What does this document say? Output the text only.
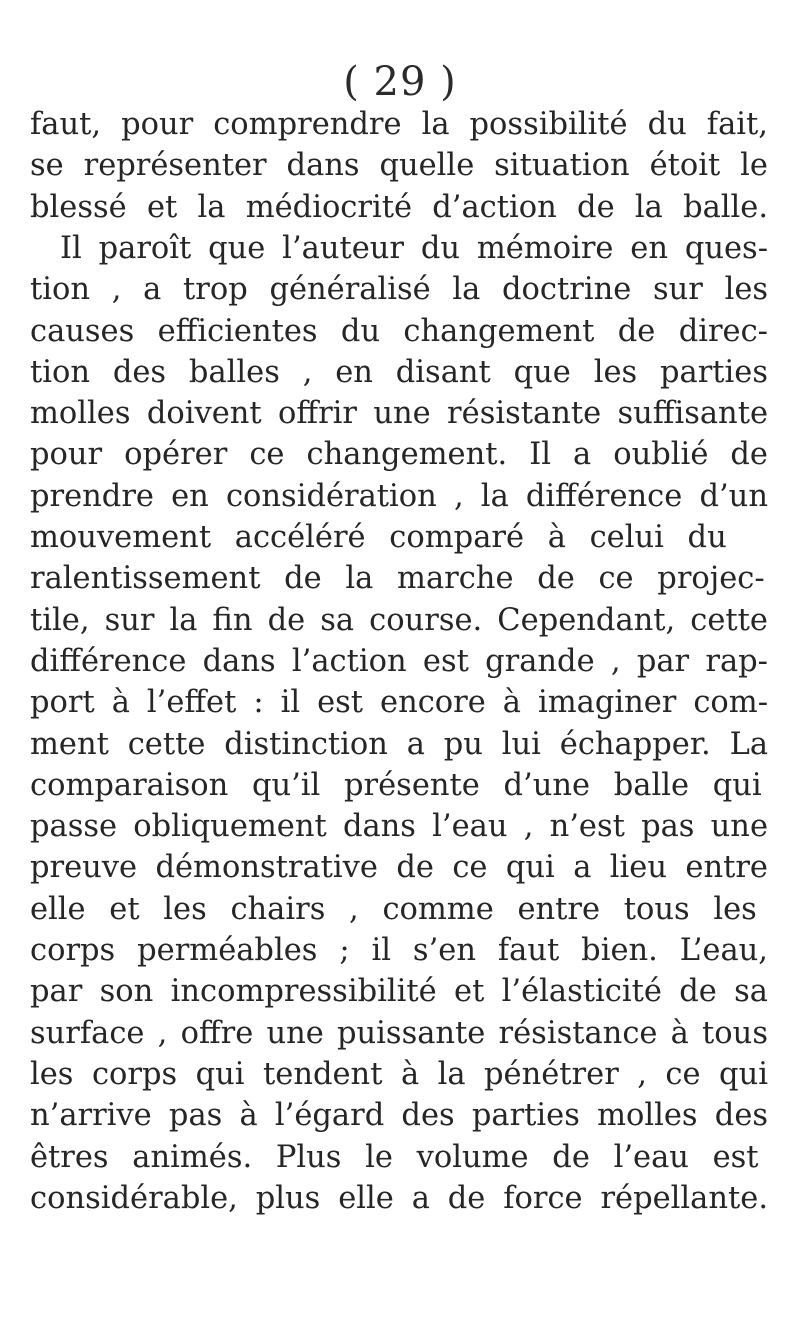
( 29 )
faut, pour comprendre la possibilité du fait,
se représenter dans quelle situation étoit le
blessé et la médiocrité d’action de la balle.
Il paroît que l’auteur du mémoire en ques-
tion , a trop généralisé la doctrine sur les
causes efficientes du changement de direc-
tion des balles , en disant que les parties
molles doivent offrir une résistante suffisante
pour opérer ce changement. Il a oublié de
prendre en considération , la différence d’un
mouvement accéléré comparé à celui du
ralentissement de la marche de ce projec-
tile, sur la fin de sa course. Cependant, cette
différence dans l’action est grande , par rap-
port à l’effet : il est encore à imaginer com-
ment cette distinction a pu lui échapper. La
comparaison qu’il présente d’une balle qui
passe obliquement dans l’eau , n’est pas une
preuve démonstrative de ce qui a lieu entre
elle et les chairs , comme entre tous les
corps perméables ; il s’en faut bien. L’eau,
par son incompressibilité et l’élasticité de sa
surface , offre une puissante résistance à tous
les corps qui tendent à la pénétrer , ce qui
n’arrive pas à l’égard des parties molles des
êtres animés. Plus le volume de l’eau est
considérable, plus elle a de force répellante.
